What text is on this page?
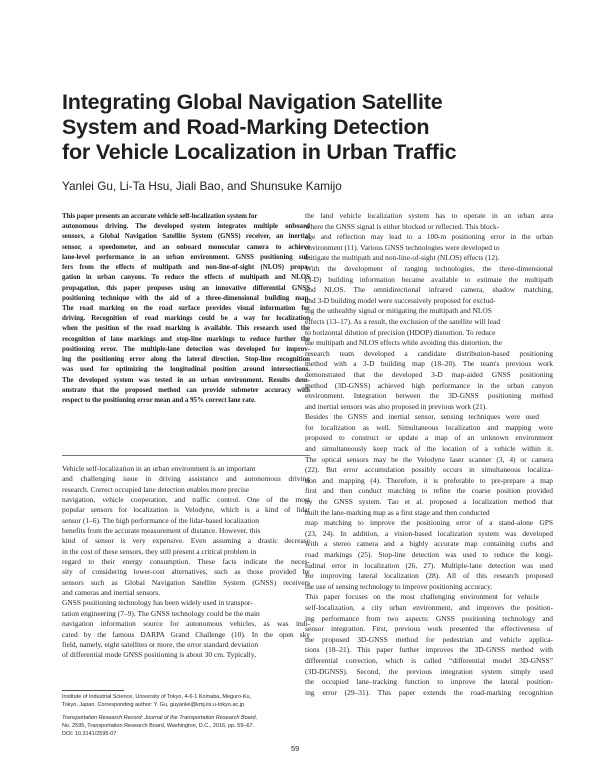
Integrating Global Navigation Satellite
System and Road-Marking Detection
for Vehicle Localization in Urban Traffic
Yanlei Gu, Li-Ta Hsu, Jiali Bao, and Shunsuke Kamijo
This paper presents an accurate vehicle self-localization system for
autonomous driving. The developed system integrates multiple onboard
sensors, a Global Navigation Satellite System (GNSS) receiver, an inertial
sensor, a speedometer, and an onboard monocular camera to achieve
lane-level performance in an urban environment. GNSS positioning suf-
fers from the effects of multipath and non-line-of-sight (NLOS) propa-
gation in urban canyons. To reduce the effects of multipath and NLOS
propagation, this paper proposes using an innovative differential GNSS
positioning technique with the aid of a three-dimensional building map.
The road marking on the road surface provides visual information for
driving. Recognition of road markings could be a way for localization
when the position of the road marking is available. This research used the
recognition of lane markings and stop-line markings to reduce further the
positioning error. The multiple-lane detection was developed for improv-
ing the positioning error along the lateral direction. Stop-line recognition
was used for optimizing the longitudinal position around intersections.
The developed system was tested in an urban environment. Results dem-
onstrate that the proposed method can provide submeter accuracy with
respect to the positioning error mean and a 95% correct lane rate.
Vehicle self-localization in an urban environment is an important
and challenging issue in driving assistance and autonomous driving
research. Correct occupied lane detection enables more precise
navigation, vehicle cooperation, and traffic control. One of the most
popular sensors for localization is Velodyne, which is a kind of lidar
sensor (1–6). The high performance of the lidar-based localization
benefits from the accurate measurement of distance. However, this
kind of sensor is very expensive. Even assuming a drastic decrease
in the cost of these sensors, they still present a critical problem in
regard to their energy consumption. These facts indicate the neces-
sity of considering lower-cost alternatives, such as those provided by
sensors such as Global Navigation Satellite System (GNSS) receivers
and cameras and inertial sensors.
GNSS positioning technology has been widely used in transpor-
tation engineering (7–9). The GNSS technology could be the main
navigation information source for autonomous vehicles, as was indi-
cated by the famous DARPA Grand Challenge (10). In the open sky
field, namely, eight satellites or more, the error standard deviation
of differential mode GNSS positioning is about 30 cm. Typically,
the land vehicle localization system has to operate in an urban area
where the GNSS signal is either blocked or reflected. This block-
age and reflection may lead to a 100-m positioning error in the urban
environment (11). Various GNSS technologies were developed to
mitigate the multipath and non-line-of-sight (NLOS) effects (12).
With the development of ranging technologies, the three-dimensional
(3-D) building information became available to estimate the multipath
and NLOS. The omnidirectional infrared camera, shadow matching,
and 3-D building model were successively proposed for exclud-
ing the unhealthy signal or mitigating the multipath and NLOS
effects (13–17). As a result, the exclusion of the satellite will lead
to horizontal dilution of precision (HDOP) distortion. To reduce
the multipath and NLOS effects while avoiding this distortion, the
research team developed a candidate distribution-based positioning
method with a 3-D building map (18–20). The team's previous work
demonstrated that the developed 3-D map-aided GNSS positioning
method (3D-GNSS) achieved high performance in the urban canyon
environment. Integration between the 3D-GNSS positioning method
and inertial sensors was also proposed in previous work (21).
Besides the GNSS and inertial sensor, sensing techniques were used
for localization as well. Simultaneous localization and mapping were
proposed to construct or update a map of an unknown environment
and simultaneously keep track of the location of a vehicle within it.
The optical sensors may be the Velodyne laser scanner (3, 4) or camera
(22). But error accumulation possibly occurs in simultaneous localiza-
tion and mapping (4). Therefore, it is preferable to pre-prepare a map
first and then conduct matching to refine the coarse position provided
by the GNSS system. Tao et al. proposed a localization method that
built the lane-marking map as a first stage and then conducted
map matching to improve the positioning error of a stand-alone GPS
(23, 24). In addition, a vision-based localization system was developed
with a stereo camera and a highly accurate map containing curbs and
road markings (25). Stop-line detection was used to reduce the longi-
tudinal error in localization (26, 27). Multiple-lane detection was used
for improving lateral localization (28). All of this research proposed
the use of sensing technology to improve positioning accuracy.
This paper focuses on the most challenging environment for vehicle
self-localization, a city urban environment, and improves the position-
ing performance from two aspects: GNSS positioning technology and
sensor integration. First, previous work presented the effectiveness of
the proposed 3D-GNSS method for pedestrian and vehicle applica-
tions (18–21). This paper further improves the 3D-GNSS method with
differential correction, which is called “differential model 3D-GNSS”
(3D-DGNSS). Second, the previous integration system simply used
the occupied lane–tracking function to improve the lateral position-
ing error (29–31). This paper extends the road-marking recognition
Institute of Industrial Science, University of Tokyo, 4-6-1 Komaba, Meguro-Ku,
Tokyo, Japan. Corresponding author: Y. Gu, guyanlei@kmj.iis.u-tokyo.ac.jp.
Transportation Research Record: Journal of the Transportation Research Board,
No. 2595, Transportation Research Board, Washington, D.C., 2016, pp. 59–67.
DOI: 10.3141/2595-07
59
